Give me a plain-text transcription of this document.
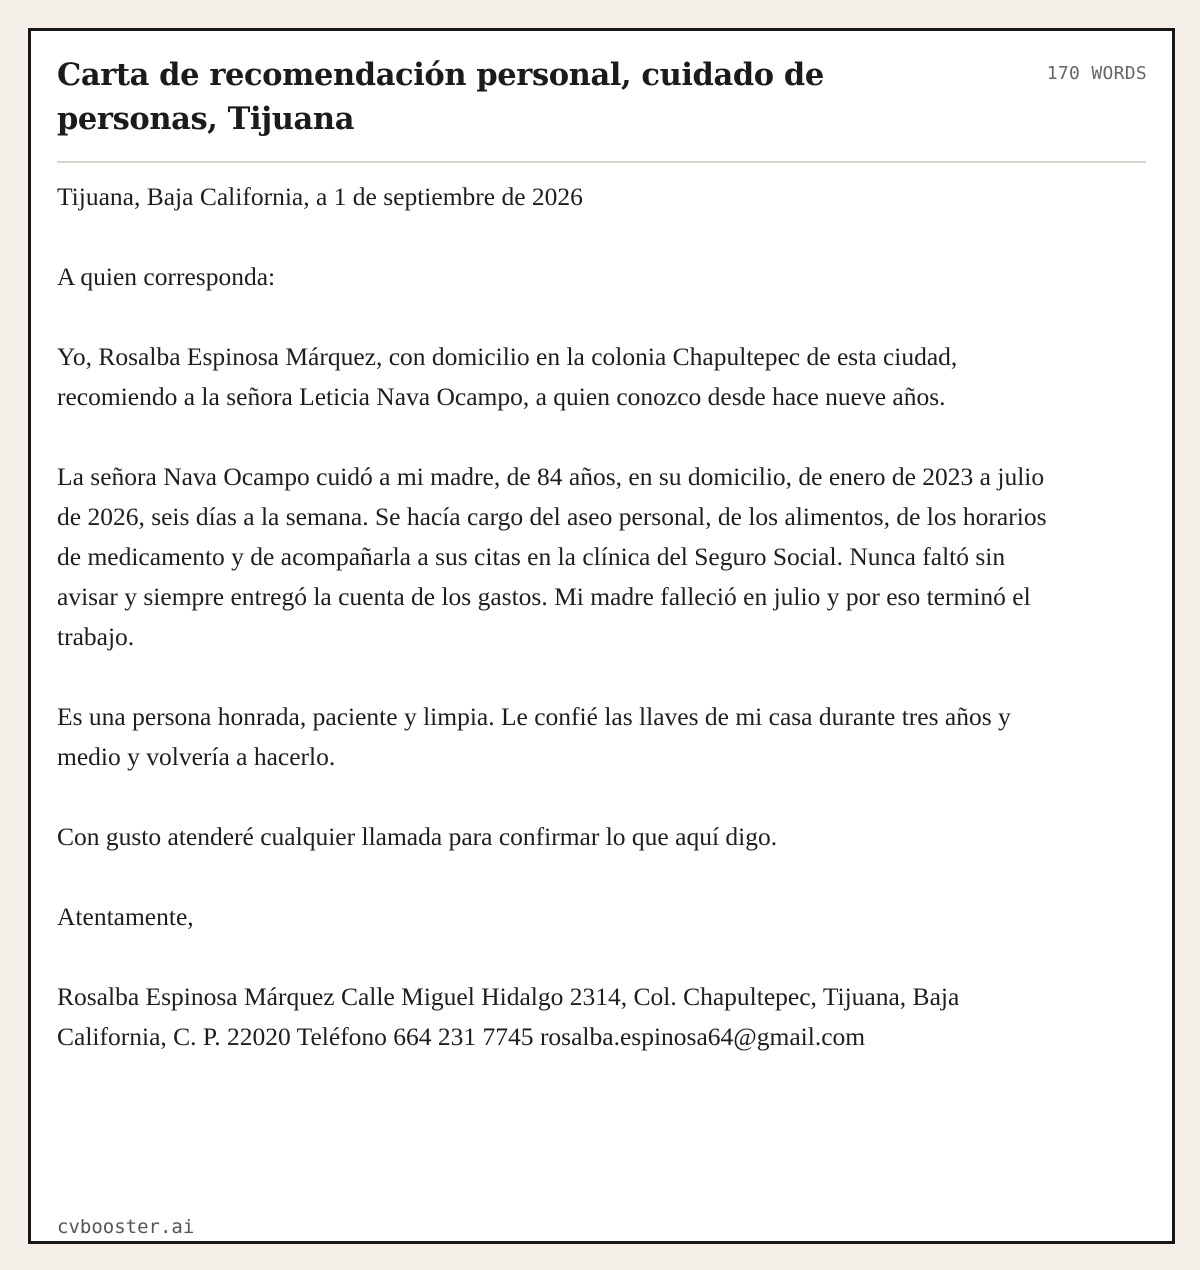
Carta de recomendación personal, cuidado de personas, Tijuana
170 WORDS

Tijuana, Baja California, a 1 de septiembre de 2026

A quien corresponda:

Yo, Rosalba Espinosa Márquez, con domicilio en la colonia Chapultepec de esta ciudad, recomiendo a la señora Leticia Nava Ocampo, a quien conozco desde hace nueve años.

La señora Nava Ocampo cuidó a mi madre, de 84 años, en su domicilio, de enero de 2023 a julio de 2026, seis días a la semana. Se hacía cargo del aseo personal, de los alimentos, de los horarios de medicamento y de acompañarla a sus citas en la clínica del Seguro Social. Nunca faltó sin avisar y siempre entregó la cuenta de los gastos. Mi madre falleció en julio y por eso terminó el trabajo.

Es una persona honrada, paciente y limpia. Le confié las llaves de mi casa durante tres años y medio y volvería a hacerlo.

Con gusto atenderé cualquier llamada para confirmar lo que aquí digo.

Atentamente,

Rosalba Espinosa Márquez Calle Miguel Hidalgo 2314, Col. Chapultepec, Tijuana, Baja California, C. P. 22020 Teléfono 664 231 7745 rosalba.espinosa64@gmail.com

cvbooster.ai
